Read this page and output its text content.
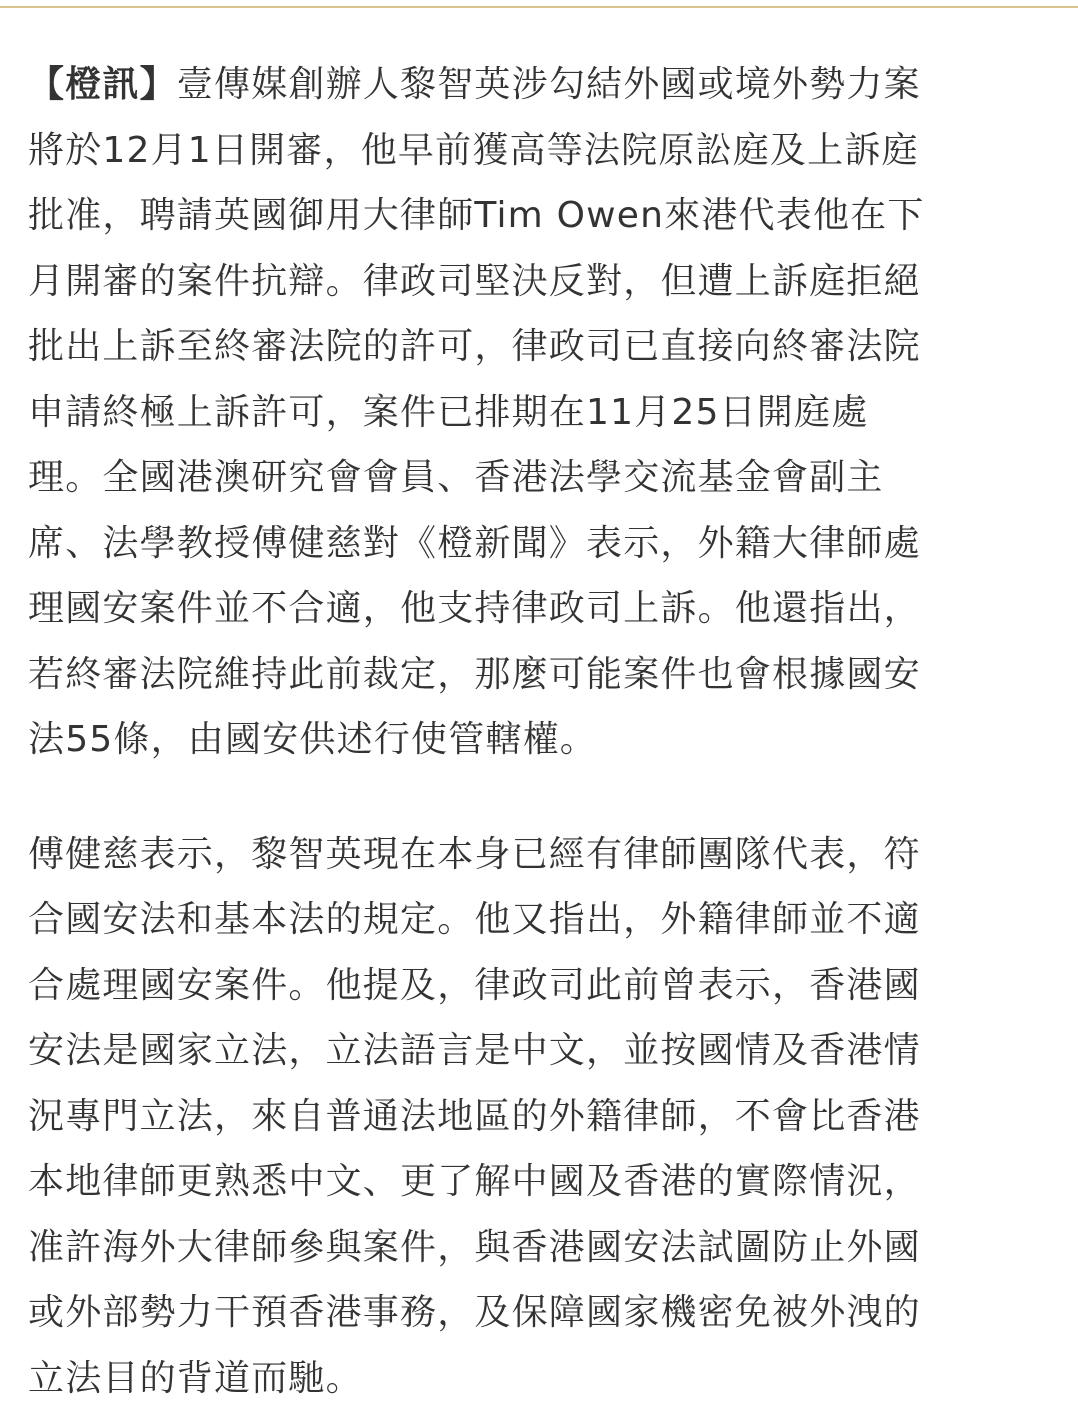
【橙訊】壹傳媒創辦人黎智英涉勾結外國或境外勢力案
將於12月1日開審，他早前獲高等法院原訟庭及上訴庭
批准，聘請英國御用大律師Tim Owen來港代表他在下
月開審的案件抗辯。律政司堅決反對，但遭上訴庭拒絕
批出上訴至終審法院的許可，律政司已直接向終審法院
申請終極上訴許可，案件已排期在11月25日開庭處
理。全國港澳研究會會員、香港法學交流基金會副主
席、法學教授傅健慈對《橙新聞》表示，外籍大律師處
理國安案件並不合適，他支持律政司上訴。他還指出，
若終審法院維持此前裁定，那麼可能案件也會根據國安
法55條，由國安供述行使管轄權。
傅健慈表示，黎智英現在本身已經有律師團隊代表，符
合國安法和基本法的規定。他又指出，外籍律師並不適
合處理國安案件。他提及，律政司此前曾表示，香港國
安法是國家立法，立法語言是中文，並按國情及香港情
況專門立法，來自普通法地區的外籍律師，不會比香港
本地律師更熟悉中文、更了解中國及香港的實際情況，
准許海外大律師參與案件，與香港國安法試圖防止外國
或外部勢力干預香港事務，及保障國家機密免被外洩的
立法目的背道而馳。
